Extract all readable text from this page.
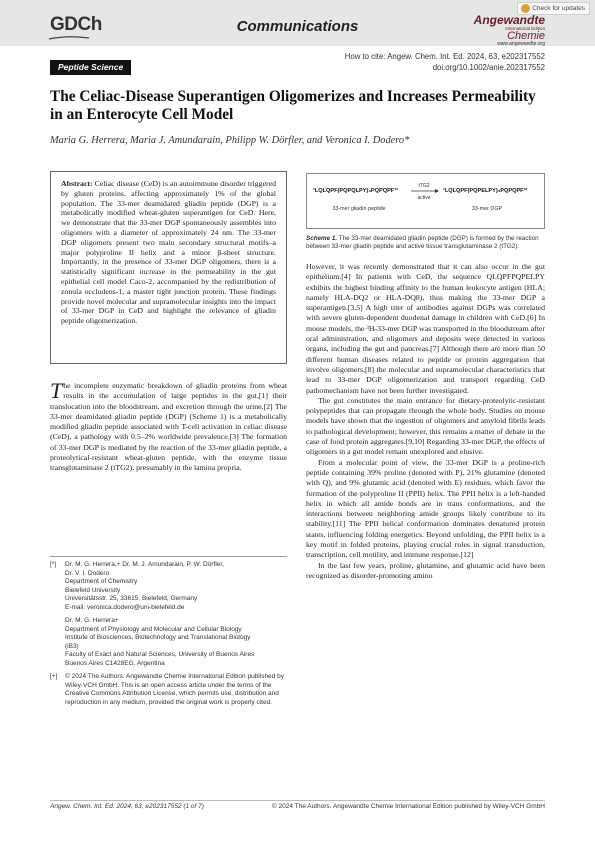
GDCh	Communications
Check for updates
Angewandte
International Edition
Chemie
www.angewandte.org
How to cite: Angew. Chem. Int. Ed. 2024, 63, e202317552
doi.org/10.1002/anie.202317552
Peptide Science
The Celiac-Disease Superantigen Oligomerizes and Increases Permeability in an Enterocyte Cell Model
Maria G. Herrera, Maria J. Amundarain, Philipp W. Dörfler, and Veronica I. Dodero*
Abstract: Celiac disease (CeD) is an autoimmune disorder triggered by gluten proteins, affecting approximately 1% of the global population. The 33-mer deamidated gliadin peptide (DGP) is a metabolically modified wheat-gluten superantigen for CeD. Here, we demonstrate that the 33-mer DGP spontaneously assembles into oligomers with a diameter of approximately 24 nm. The 33-mer DGP oligomers present two main secondary structural motifs–a major polyproline II helix and a minor β-sheet structure. Importantly, in the presence of 33-mer DGP oligomers, there is a statistically significant increase in the permeability in the gut epithelial cell model Caco-2, accompanied by the redistribution of zonula occludens-1, a master tight junction protein. These findings provide novel molecular and supramolecular insights into the impact of 33-mer DGP in CeD and highlight the relevance of gliadin peptide oligomerization.
¹LQLQPF(PQPQLPY)₃PQPQPF³³
tTG2
active
¹LQLQPF(PQPELPY)₃PQPQPF³³
33-mer gliadin peptide	33-mer DGP
Scheme 1. The 33-mer deamidated gliadin peptide (DGP) is formed by the reaction between 33-mer gliadin peptide and active tissue transglutaminase 2 (tTG2).
The incomplete enzymatic breakdown of gliadin proteins from wheat results in the accumulation of large peptides in the gut,[1] their translocation into the bloodstream, and excretion through the urine.[2] The 33-mer deamidated gliadin peptide (DGP) (Scheme 1) is a metabolically modified gliadin peptide associated with T-cell activation in celiac disease (CeD), a pathology with 0.5–2% worldwide prevalence.[3] The formation of 33-mer DGP is mediated by the reaction of the 33-mer gliadin peptide, a proteolytical-resistant wheat-gluten peptide, with the enzyme tissue transglutaminase 2 (tTG2), presumably in the lamina propria.

However, it was recently demonstrated that it can also occur in the gut epithelium.[4] In patients with CeD, the sequence QLQPFPQPELPY exhibits the highest binding affinity to the human leukocyte antigen (HLA; namely HLA-DQ2 or HLA-DQ8), thus making the 33-mer DGP a superantigen.[3,5] A high titer of antibodies against DGPs was correlated with severe gluten-dependent duodenal damage in children with CeD.[6] In mouse models, the ³H-33-mer DGP was transported in the bloodstream after oral administration, and oligomers and deposits were detected in various organs, including the gut and pancreas.[7] Although there are more than 50 different human diseases related to peptide or protein aggregation that involve oligomers,[8] the molecular and supramolecular characteristics that lead to 33-mer DGP oligomerization and transport regarding CeD pathomechanism have not been further investigated.

The gut constitutes the main entrance for dietary-proteolytic-resistant polypeptides that can propagate through the whole body. Studies on mouse models have shown that the ingestion of oligomers and amyloid fibrils leads to pathological development; however, this remains a matter of debate in the case of food protein aggregates.[9,10] Regarding 33-mer DGP, the effects of oligomers in a gut model remain unexplored and elusive.

From a molecular point of view, the 33-mer DGP is a proline-rich peptide containing 39% proline (denoted with P), 21% glutamine (denoted with Q), and 9% glutamic acid (denoted with E) residues, which favor the formation of the polyproline II (PPII) helix. The PPII helix is a left-handed helix in which all amide bonds are in trans conformations, and the interactions between neighboring amide groups likely contribute to its stability.[11] The PPII helical conformation dominates denatured protein states, influencing folding energetics. Beyond unfolding, the PPII helix is a key motif in folded proteins, playing crucial roles in signal transduction, transcription, cell motility, and immune response.[12]

In the last few years, proline, glutamine, and glutamic acid have been recognized as disorder-promoting amino

[*] Dr. M. G. Herrera,+ Dr. M. J. Amundarain, P. W. Dörfler,
Dr. V. I. Dodero
Department of Chemistry
Bielefeld University
Universitätsstr. 25, 33615, Bielefeld, Germany
E-mail: veronica.dodero@uni-bielefeld.de
Dr. M. G. Herrera+
Department of Physiology and Molecular and Cellular Biology
Institute of Biosciences, Biotechnology and Translational Biology
(iB3)
Faculty of Exact and Natural Sciences, University of Buenos Aires
Buenos Aires C1428EG, Argentina
[+] © 2024 The Authors. Angewandte Chemie International Edition published by Wiley-VCH GmbH. This is an open access article under the terms of the Creative Commons Attribution License, which permits use, distribution and reproduction in any medium, provided the original work is properly cited.
Angew. Chem. Int. Ed. 2024, 63, e202317552 (1 of 7)	© 2024 The Authors. Angewandte Chemie International Edition published by Wiley-VCH GmbH
